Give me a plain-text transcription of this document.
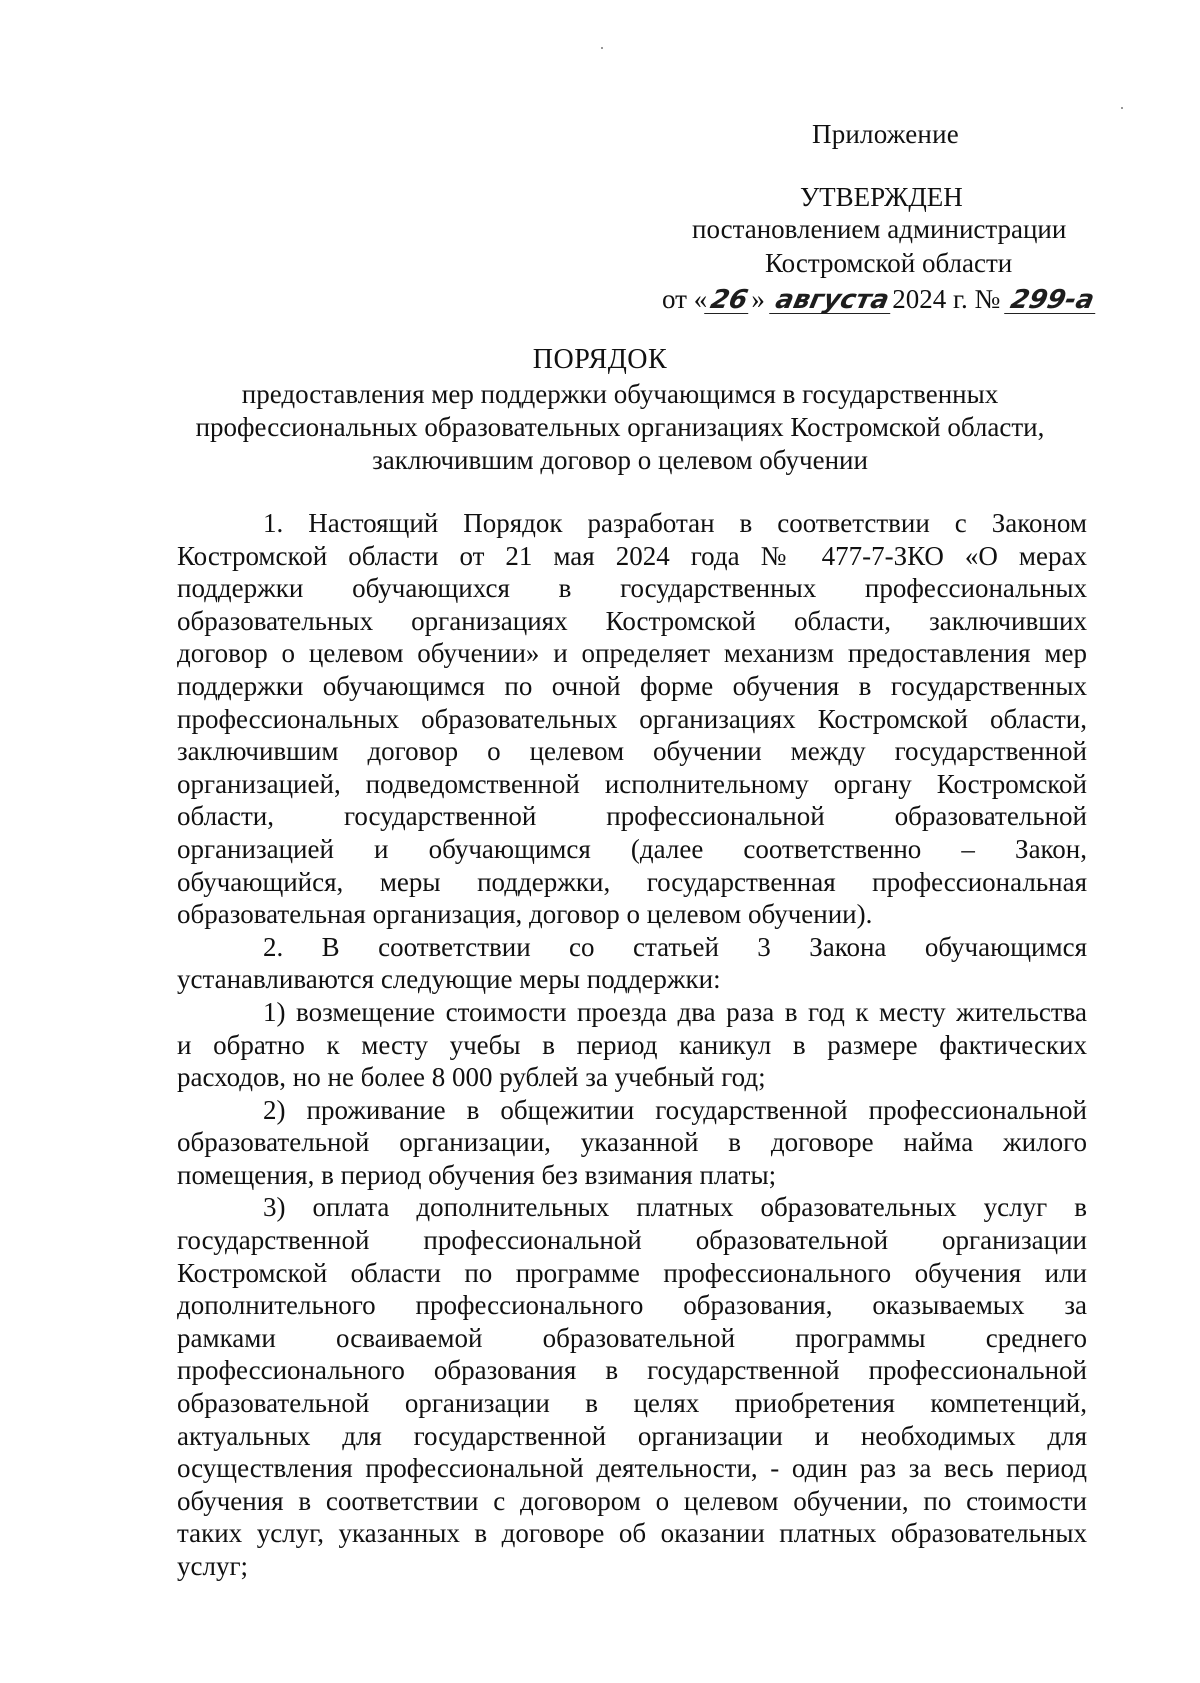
Приложение
УТВЕРЖДЕН
постановлением администрации
Костромской области
от «26» августа2024 г. № 299-а
ПОРЯДОК
предоставления мер поддержки обучающимся в государственных
профессиональных образовательных организациях Костромской области,
заключившим договор о целевом обучении
1. Настоящий Порядок разработан в соответствии с Законом
Костромской области от 21 мая 2024 года № 477-7-ЗКО «О мерах
поддержки обучающихся в государственных профессиональных
образовательных организациях Костромской области, заключивших
договор о целевом обучении» и определяет механизм предоставления мер
поддержки обучающимся по очной форме обучения в государственных
профессиональных образовательных организациях Костромской области,
заключившим договор о целевом обучении между государственной
организацией, подведомственной исполнительному органу Костромской
области, государственной профессиональной образовательной
организацией и обучающимся (далее соответственно – Закон,
обучающийся, меры поддержки, государственная профессиональная
образовательная организация, договор о целевом обучении).
2. В соответствии со статьей 3 Закона обучающимся
устанавливаются следующие меры поддержки:
1) возмещение стоимости проезда два раза в год к месту жительства
и обратно к месту учебы в период каникул в размере фактических
расходов, но не более 8 000 рублей за учебный год;
2) проживание в общежитии государственной профессиональной
образовательной организации, указанной в договоре найма жилого
помещения, в период обучения без взимания платы;
3) оплата дополнительных платных образовательных услуг в
государственной профессиональной образовательной организации
Костромской области по программе профессионального обучения или
дополнительного профессионального образования, оказываемых за
рамками осваиваемой образовательной программы среднего
профессионального образования в государственной профессиональной
образовательной организации в целях приобретения компетенций,
актуальных для государственной организации и необходимых для
осуществления профессиональной деятельности, - один раз за весь период
обучения в соответствии с договором о целевом обучении, по стоимости
таких услуг, указанных в договоре об оказании платных образовательных
услуг;
